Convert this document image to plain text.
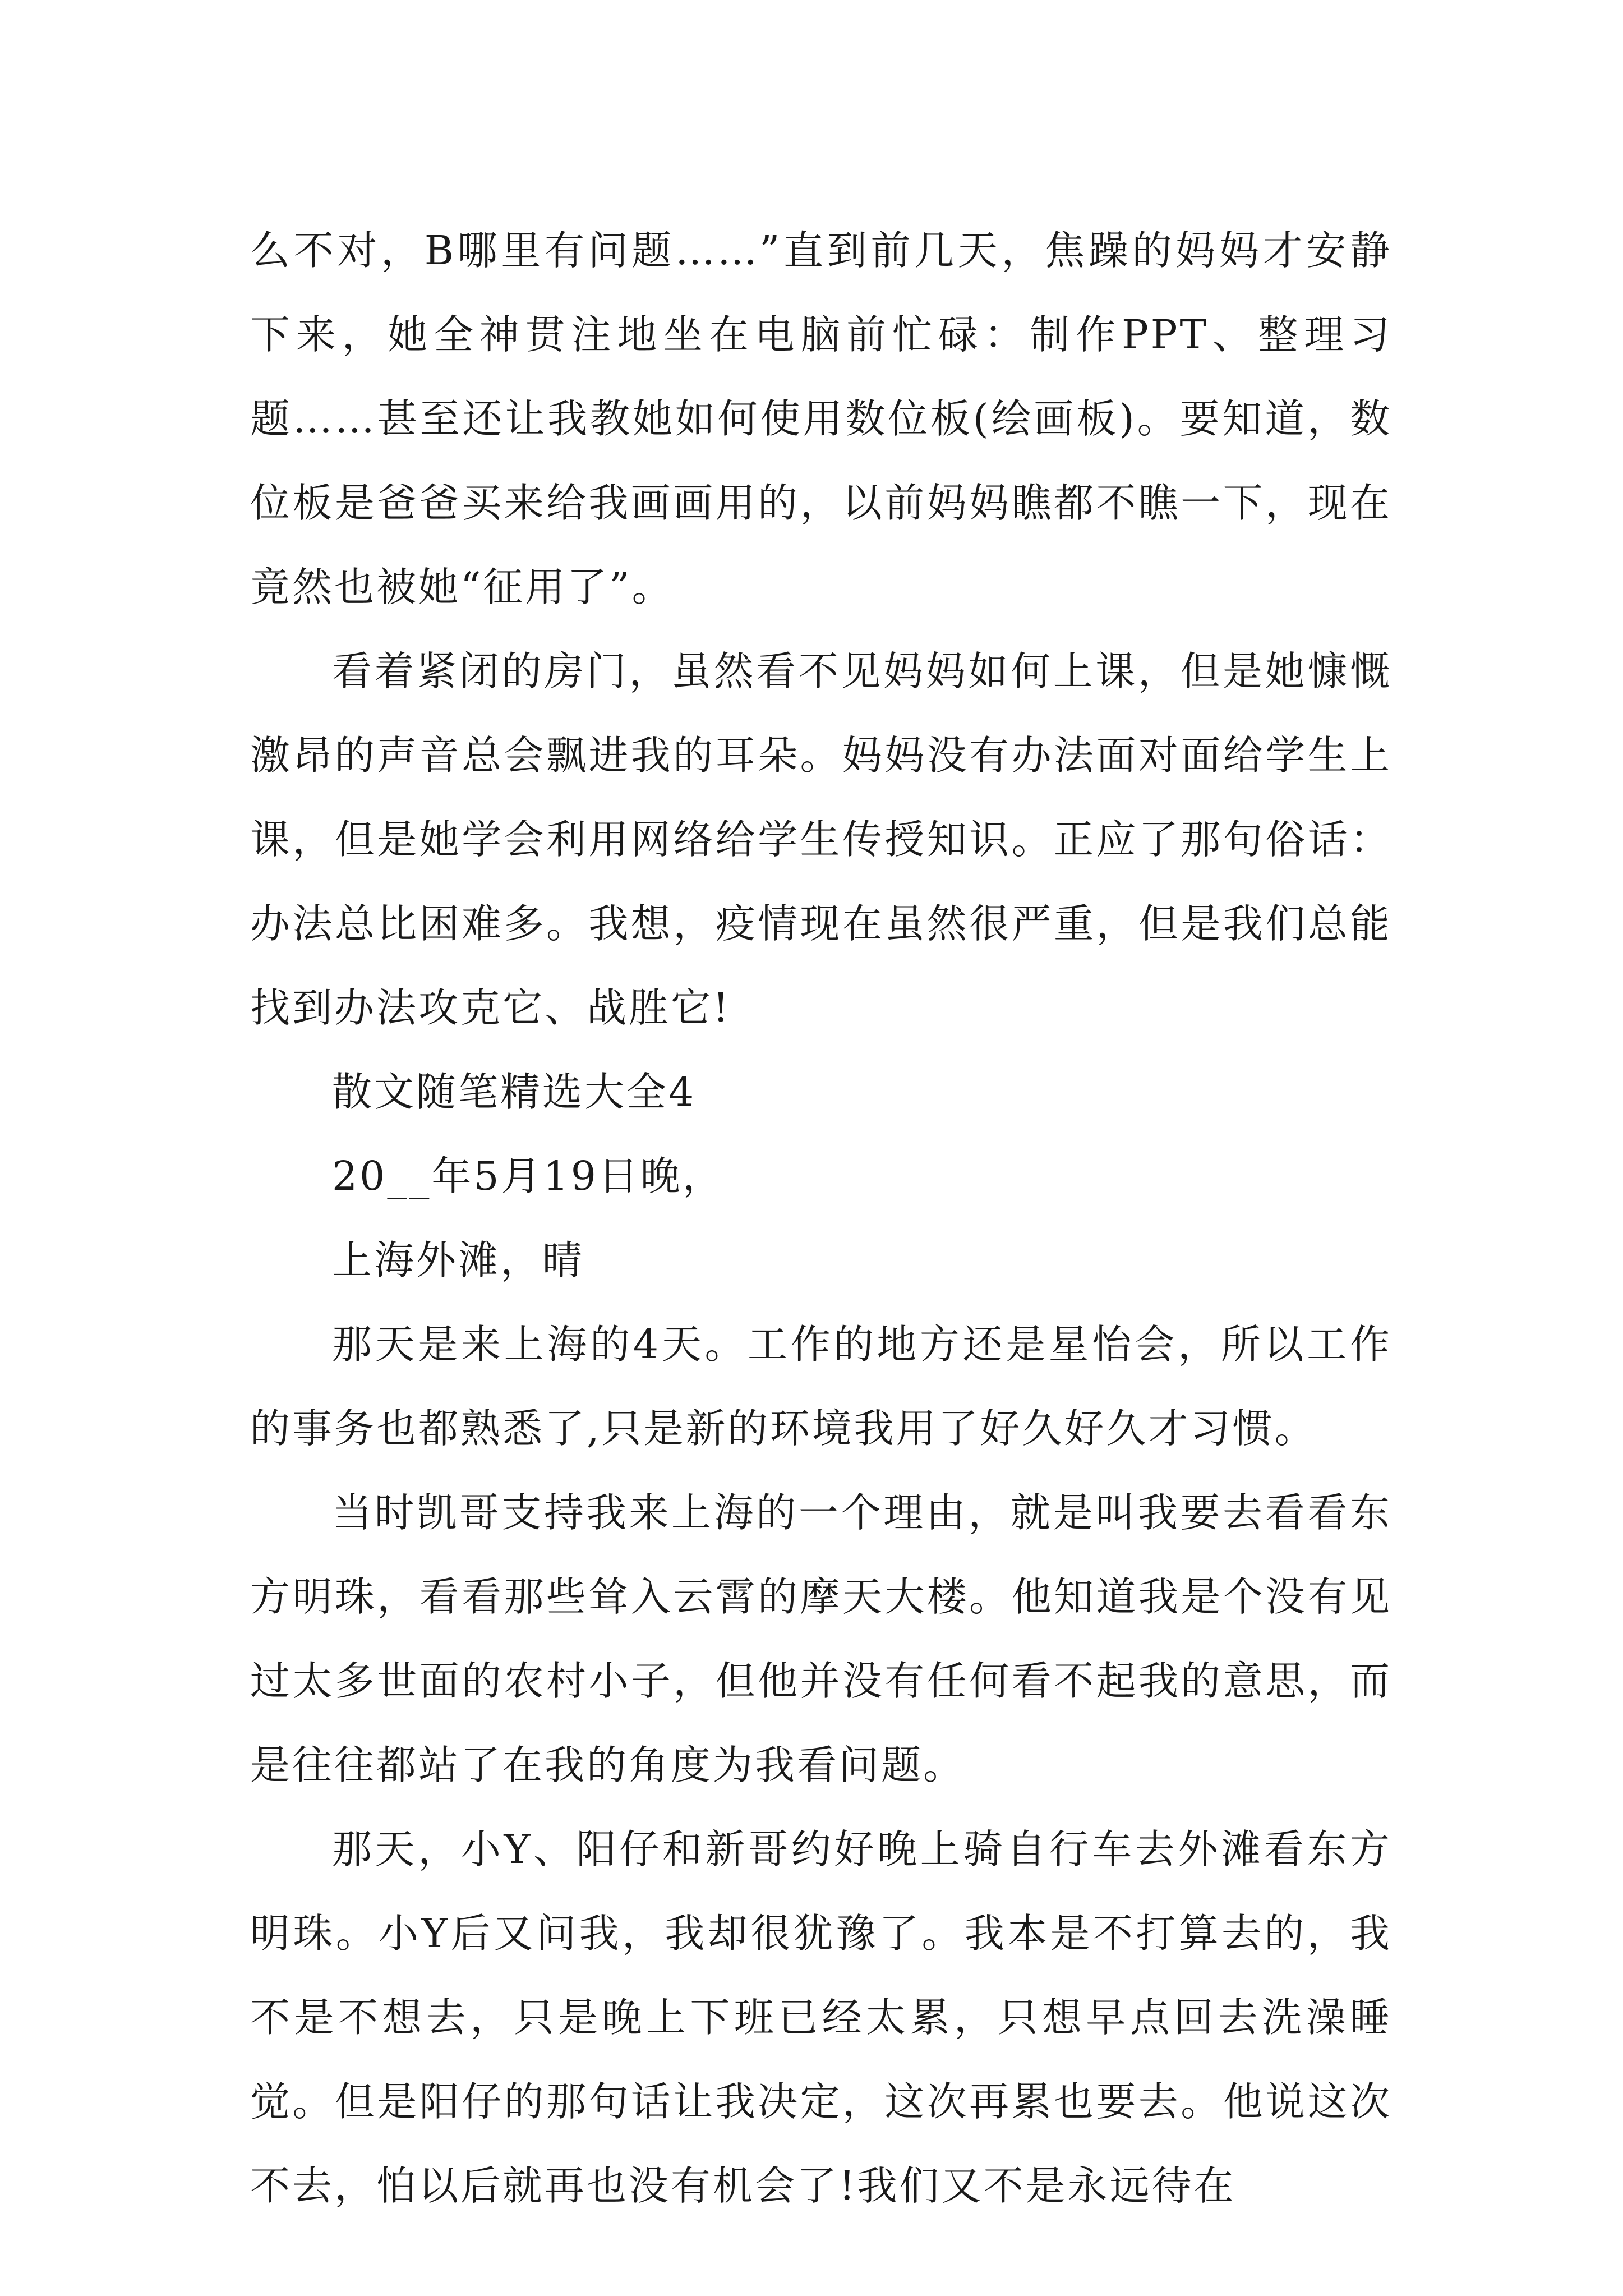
么不对，B哪里有问题……”直到前几天，焦躁的妈妈才安静下来，她全神贯注地坐在电脑前忙碌：制作PPT、整理习题……甚至还让我教她如何使用数位板(绘画板)。要知道，数位板是爸爸买来给我画画用的，以前妈妈瞧都不瞧一下，现在竟然也被她“征用了”。

看着紧闭的房门，虽然看不见妈妈如何上课，但是她慷慨激昂的声音总会飘进我的耳朵。妈妈没有办法面对面给学生上课，但是她学会利用网络给学生传授知识。正应了那句俗话：办法总比困难多。我想，疫情现在虽然很严重，但是我们总能找到办法攻克它、战胜它!

散文随笔精选大全4

20__年5月19日晚，

上海外滩，晴

那天是来上海的4天。工作的地方还是星怡会，所以工作的事务也都熟悉了,只是新的环境我用了好久好久才习惯。

当时凯哥支持我来上海的一个理由，就是叫我要去看看东方明珠，看看那些耸入云霄的摩天大楼。他知道我是个没有见过太多世面的农村小子，但他并没有任何看不起我的意思，而是往往都站了在我的角度为我看问题。

那天，小Y、阳仔和新哥约好晚上骑自行车去外滩看东方明珠。小Y后又问我，我却很犹豫了。我本是不打算去的，我不是不想去，只是晚上下班已经太累，只想早点回去洗澡睡觉。但是阳仔的那句话让我决定，这次再累也要去。他说这次不去，怕以后就再也没有机会了!我们又不是永远待在
